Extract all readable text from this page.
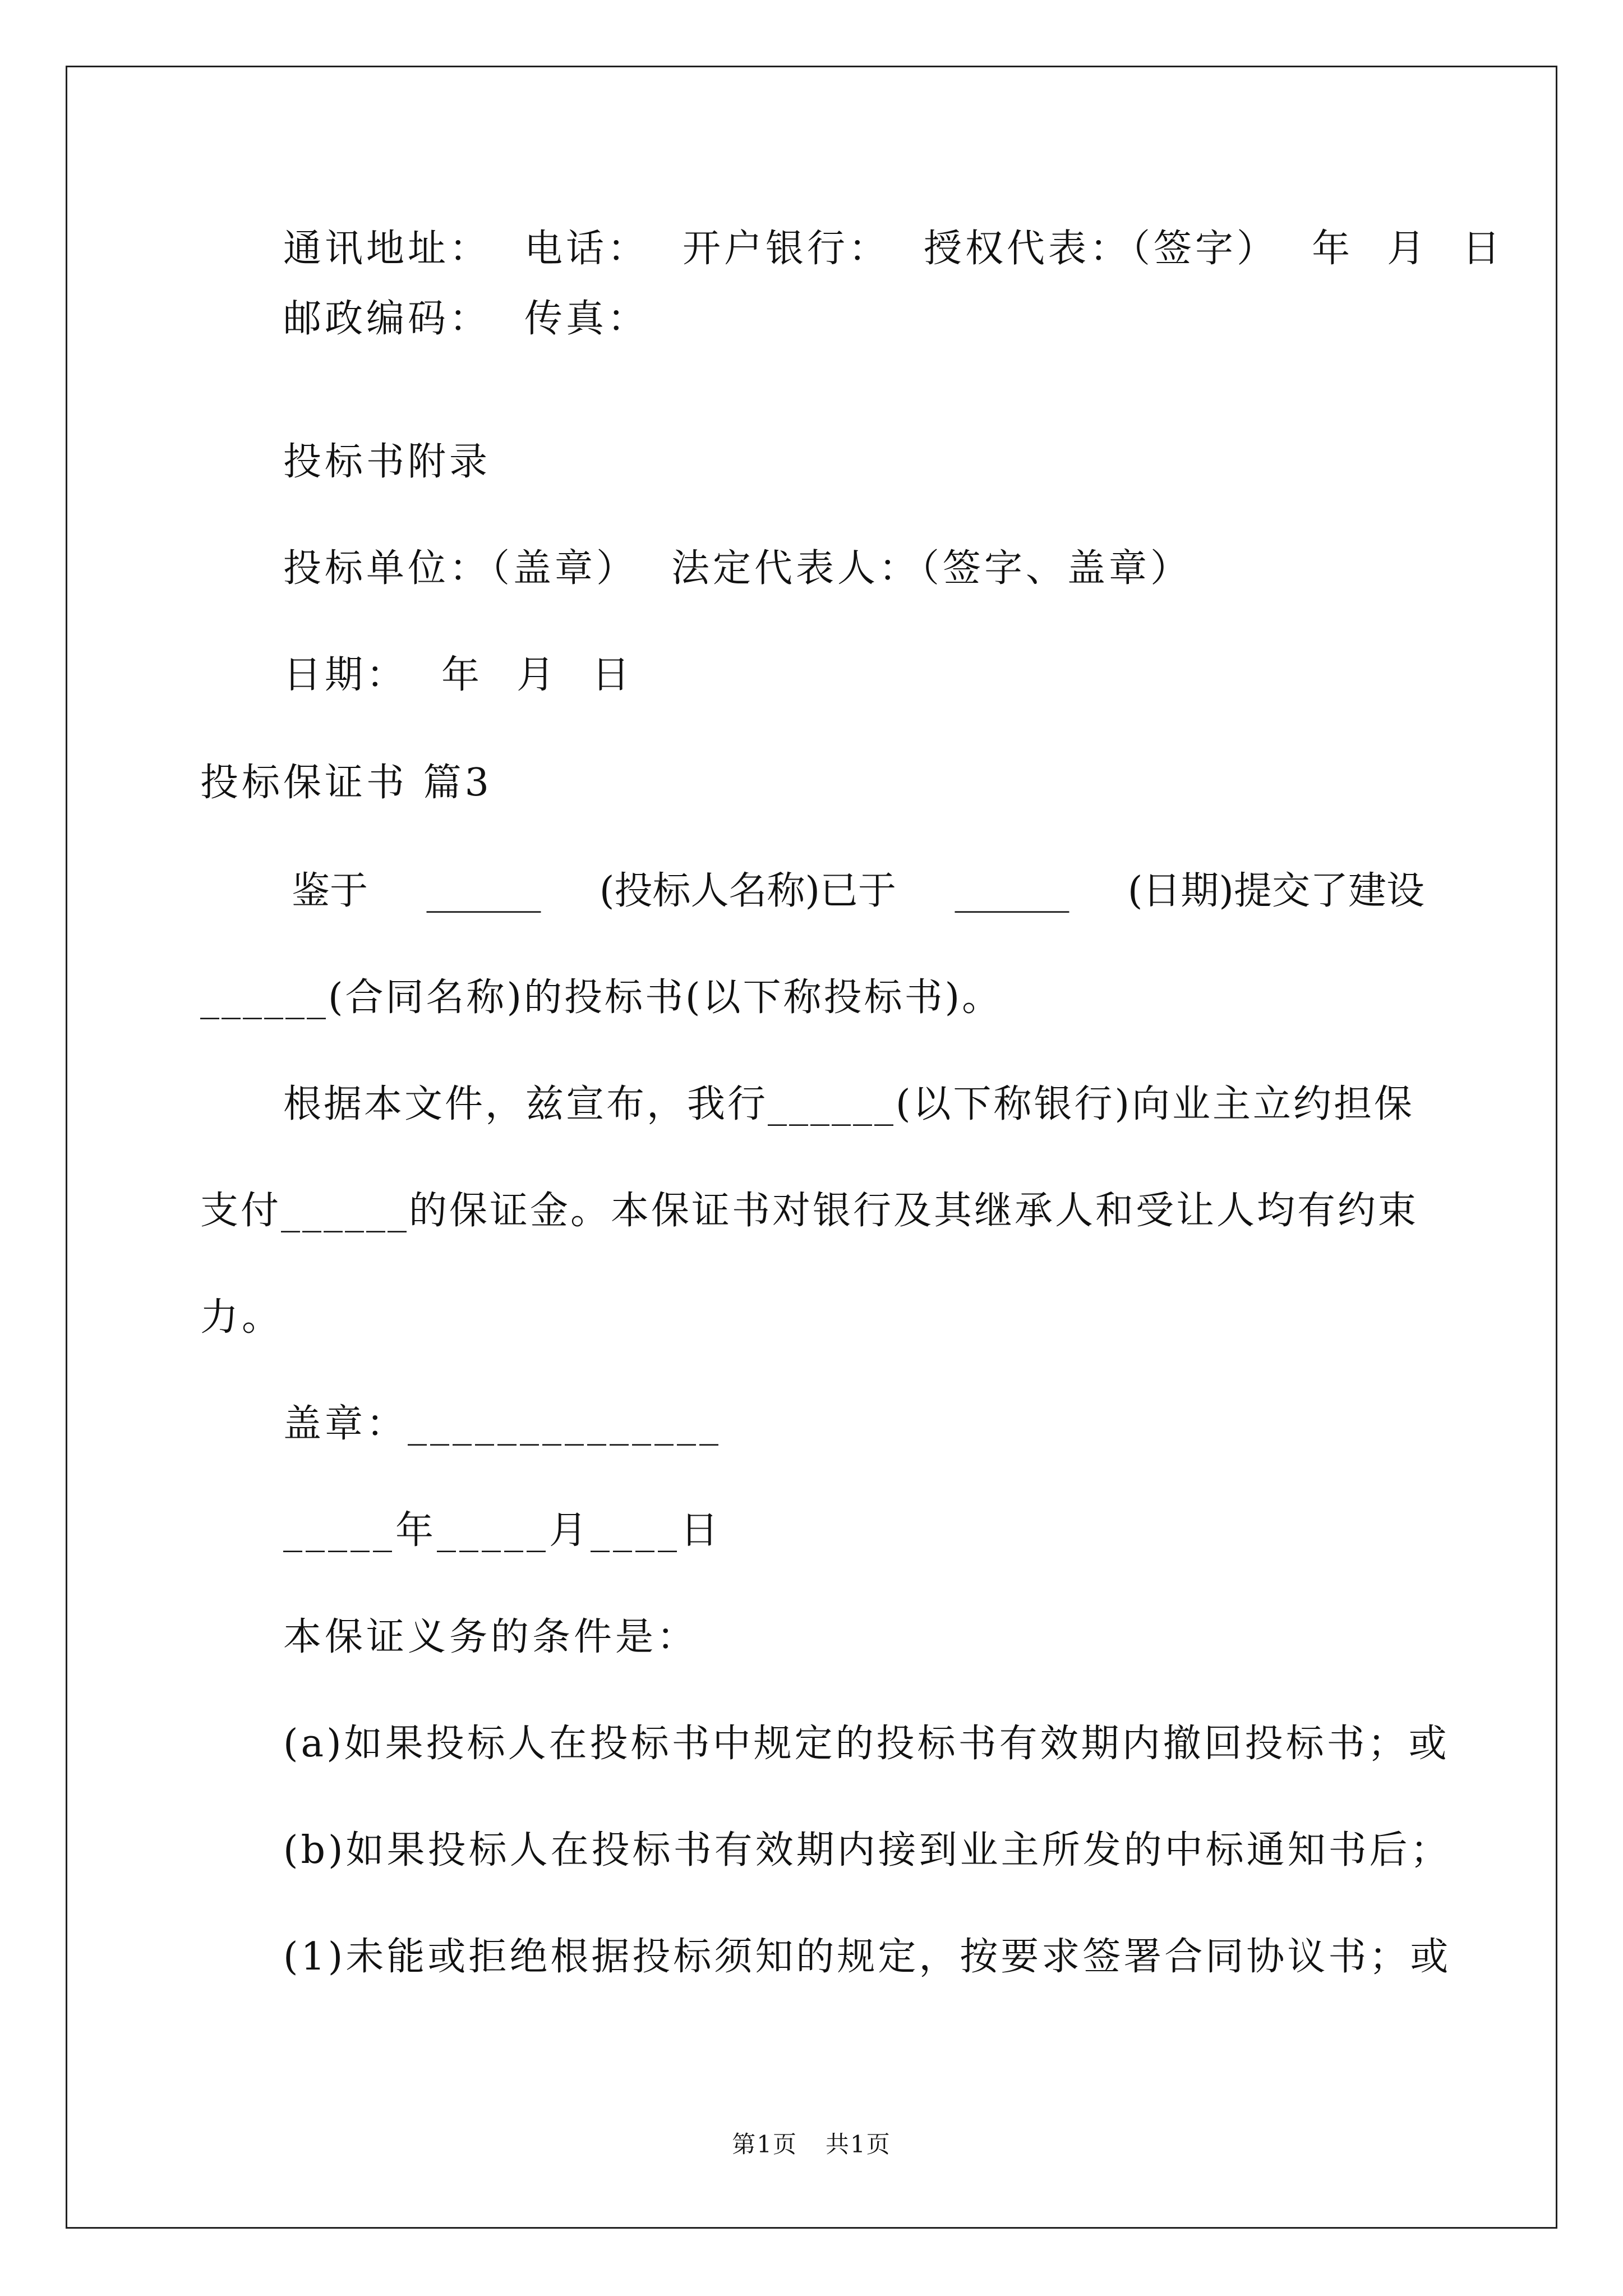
通讯地址： 电话： 开户银行： 授权代表：（签字） 年 月 日
邮政编码： 传真：
投标书附录
投标单位：（盖章） 法定代表人：（签字、盖章）
日期： 年 月 日
投标保证书 篇3
鉴于 ______ (投标人名称)已于 ______ (日期)提交了建设
______(合同名称)的投标书(以下称投标书)。
根据本文件，兹宣布，我行______(以下称银行)向业主立约担保
支付______的保证金。本保证书对银行及其继承人和受让人均有约束
力。
盖章：______________
_____年_____月____日
本保证义务的条件是：
(a)如果投标人在投标书中规定的投标书有效期内撤回投标书；或
(b)如果投标人在投标书有效期内接到业主所发的中标通知书后；
(1)未能或拒绝根据投标须知的规定，按要求签署合同协议书；或
第1页 共1页
